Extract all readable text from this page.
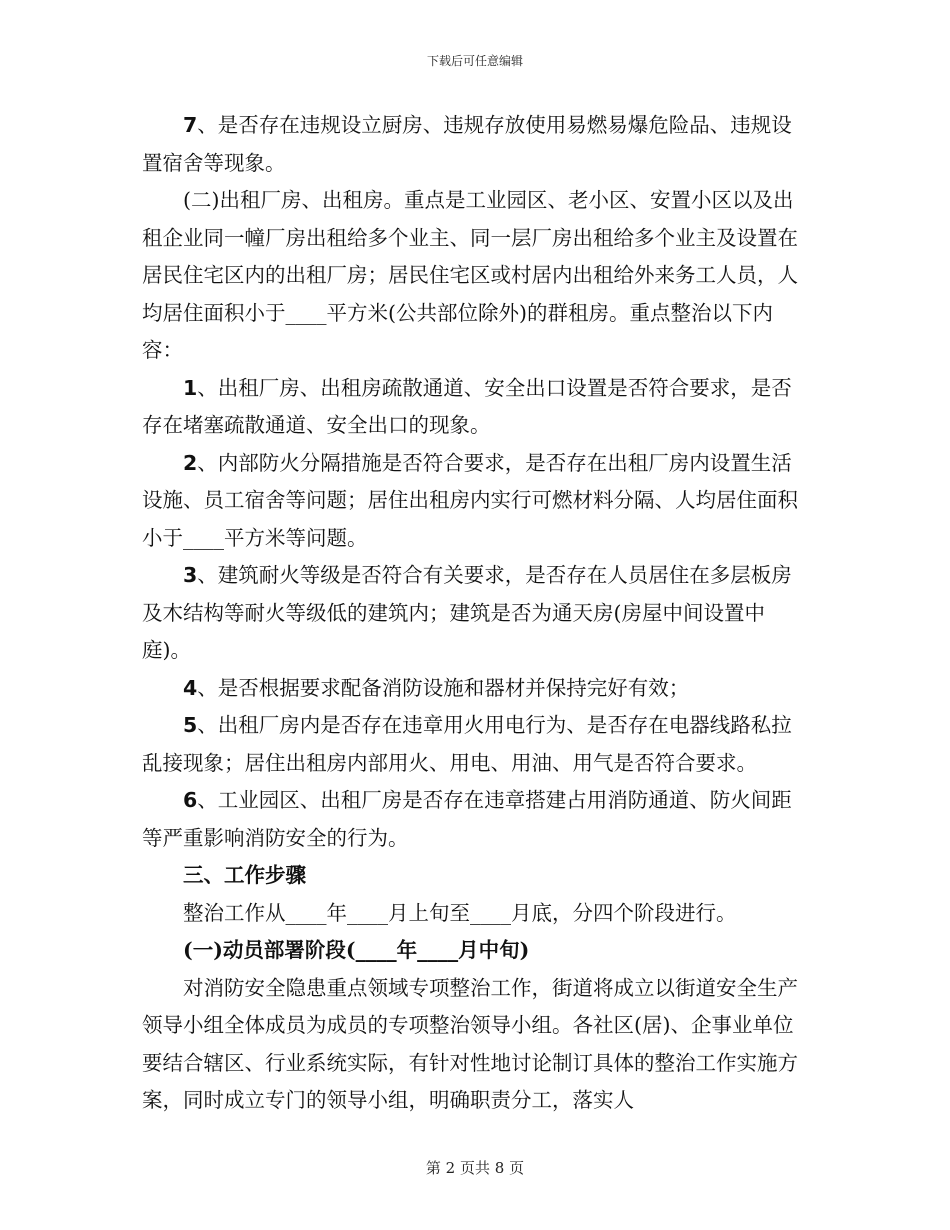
下载后可任意编辑

7、是否存在违规设立厨房、违规存放使用易燃易爆危险品、违规设置宿舍等现象。

(二)出租厂房、出租房。重点是工业园区、老小区、安置小区以及出租企业同一幢厂房出租给多个业主、同一层厂房出租给多个业主及设置在居民住宅区内的出租厂房；居民住宅区或村居内出租给外来务工人员，人均居住面积小于____平方米(公共部位除外)的群租房。重点整治以下内容：

1、出租厂房、出租房疏散通道、安全出口设置是否符合要求，是否存在堵塞疏散通道、安全出口的现象。

2、内部防火分隔措施是否符合要求，是否存在出租厂房内设置生活设施、员工宿舍等问题；居住出租房内实行可燃材料分隔、人均居住面积小于____平方米等问题。

3、建筑耐火等级是否符合有关要求，是否存在人员居住在多层板房及木结构等耐火等级低的建筑内；建筑是否为通天房(房屋中间设置中庭)。

4、是否根据要求配备消防设施和器材并保持完好有效；

5、出租厂房内是否存在违章用火用电行为、是否存在电器线路私拉乱接现象；居住出租房内部用火、用电、用油、用气是否符合要求。

6、工业园区、出租厂房是否存在违章搭建占用消防通道、防火间距等严重影响消防安全的行为。

三、工作步骤

整治工作从____年____月上旬至____月底，分四个阶段进行。

(一)动员部署阶段(____年____月中旬)

对消防安全隐患重点领域专项整治工作，街道将成立以街道安全生产领导小组全体成员为成员的专项整治领导小组。各社区(居)、企事业单位要结合辖区、行业系统实际，有针对性地讨论制订具体的整治工作实施方案，同时成立专门的领导小组，明确职责分工，落实人

第 2 页共 8 页
